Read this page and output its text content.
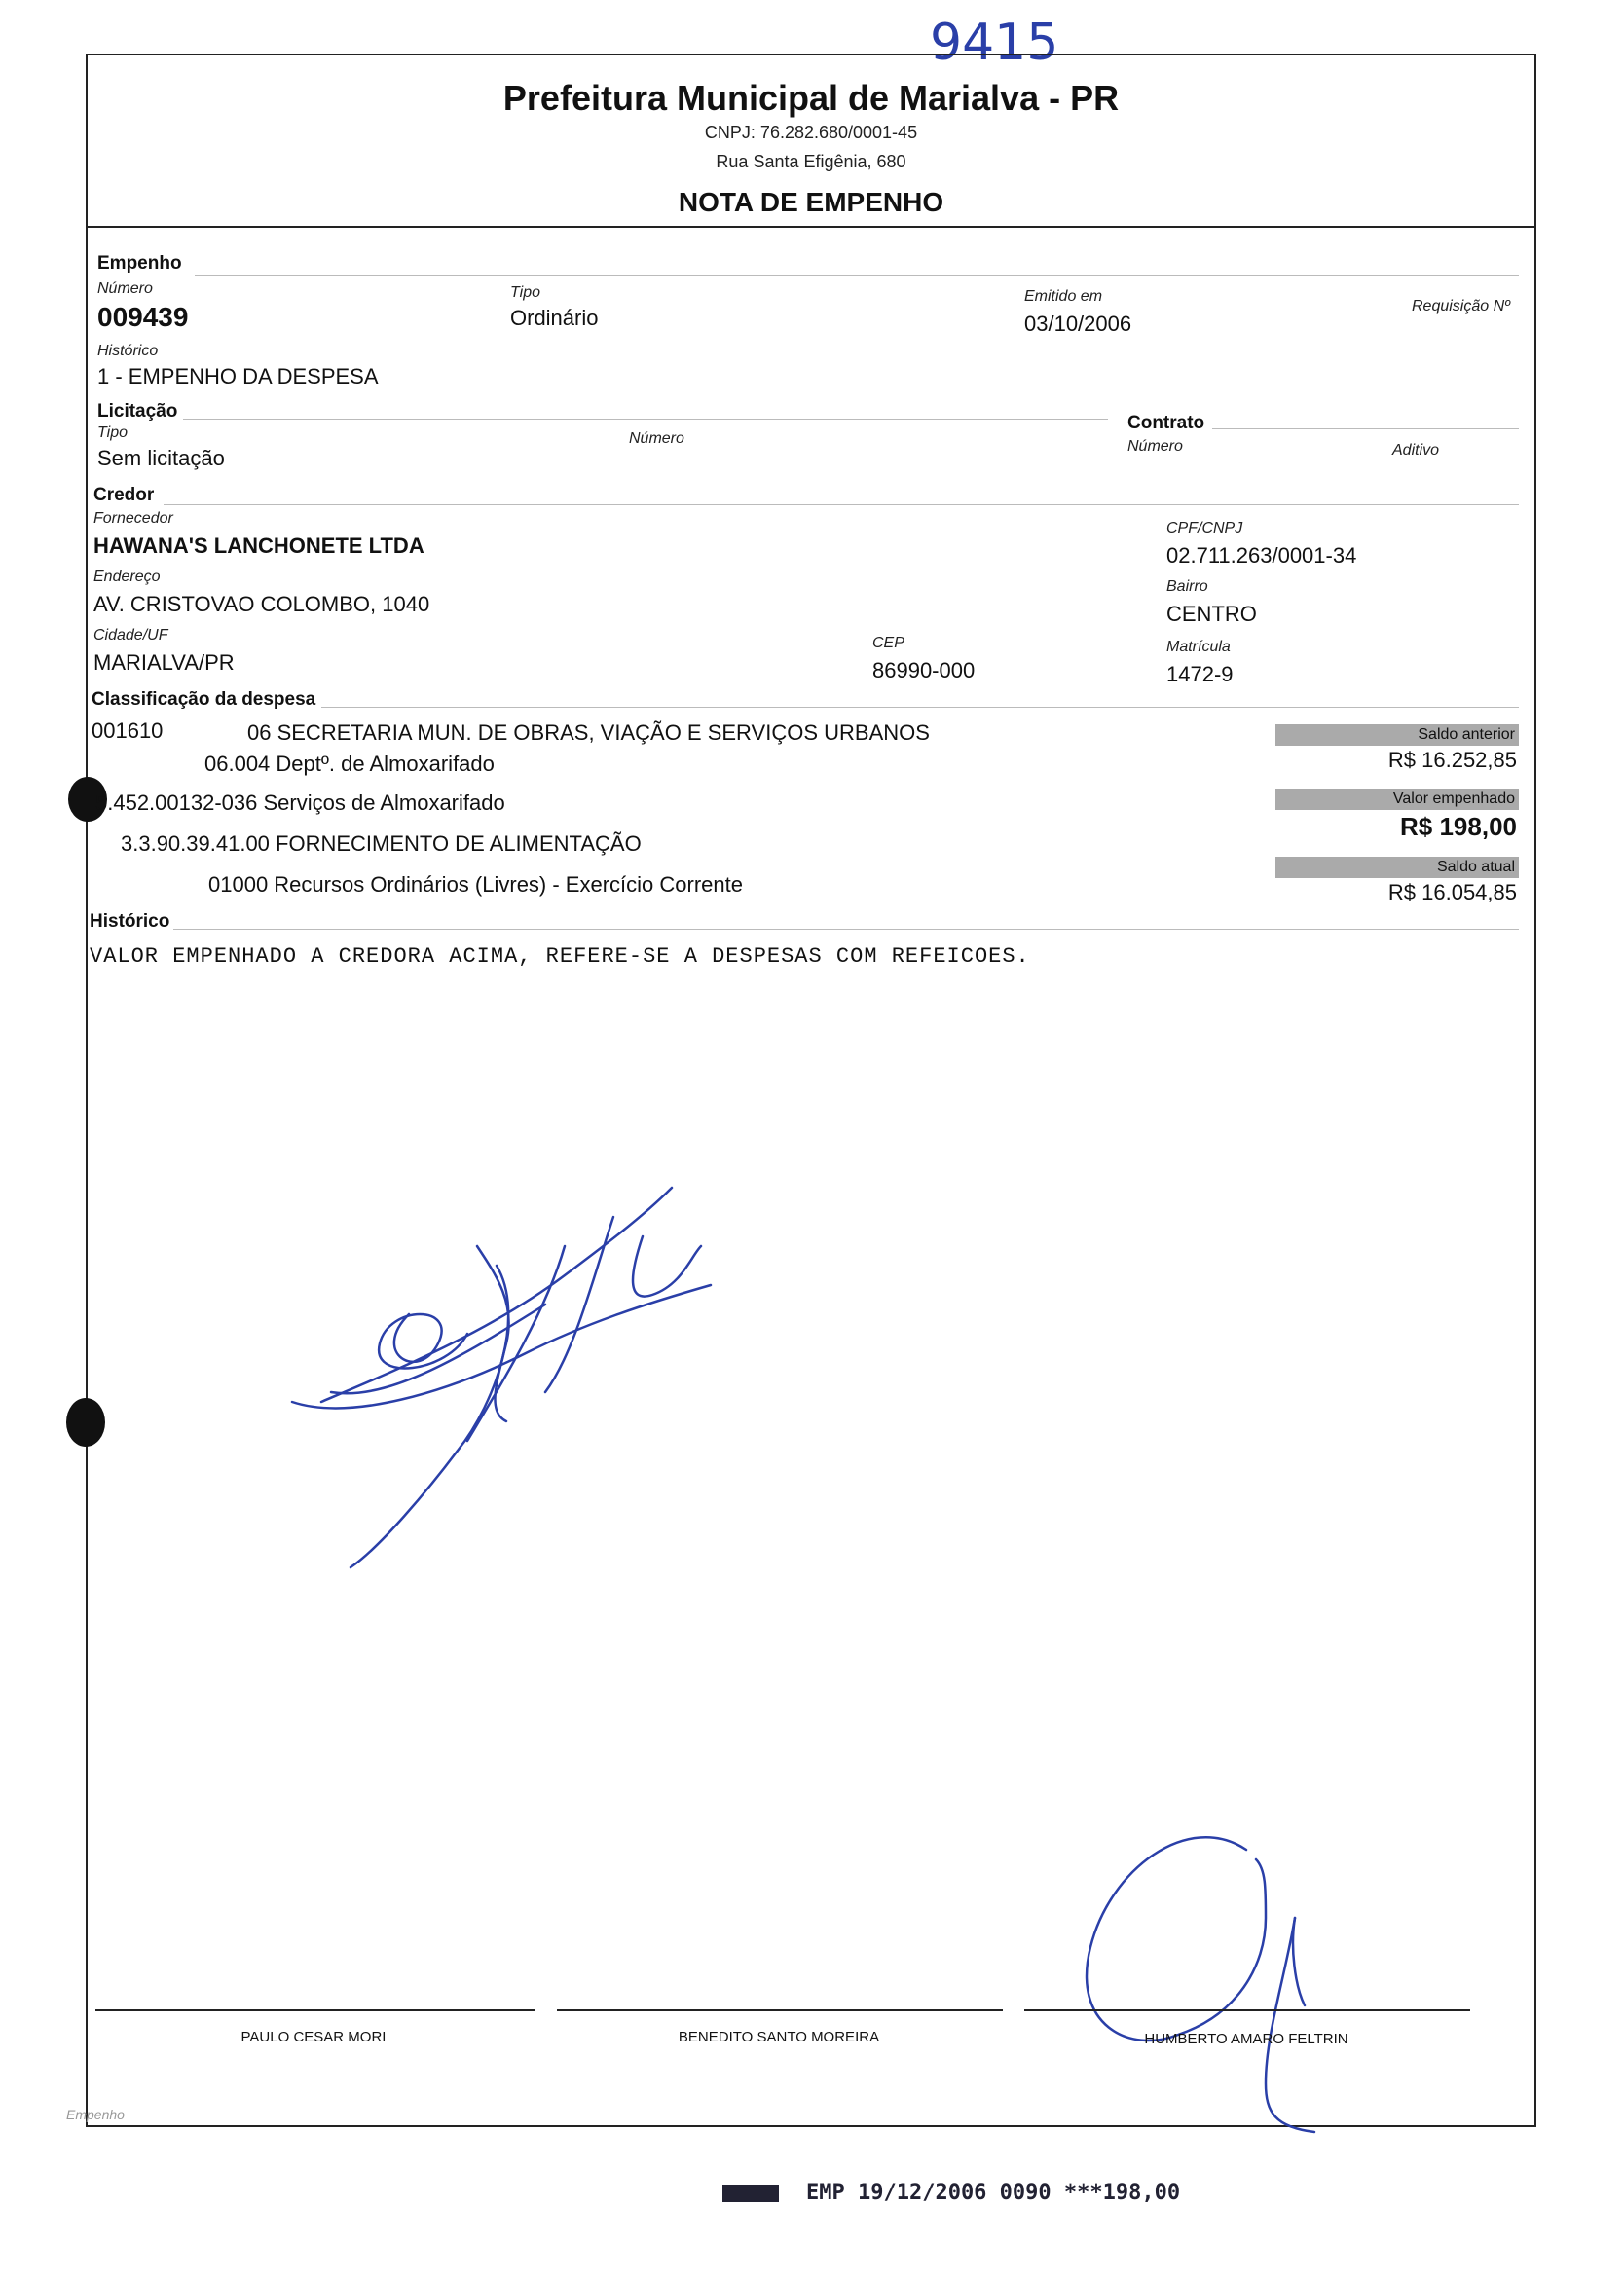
9415
Prefeitura Municipal de Marialva - PR
CNPJ: 76.282.680/0001-45
Rua Santa Efigênia, 680
NOTA DE EMPENHO
Empenho
Número
009439
Tipo
Ordinário
Emitido em
03/10/2006
Requisição Nº
Histórico
1 - EMPENHO DA DESPESA
Licitação
Tipo
Sem licitação
Número
Contrato
Número	Aditivo
Credor
Fornecedor
HAWANA'S LANCHONETE LTDA
CPF/CNPJ
02.711.263/0001-34
Endereço
AV. CRISTOVAO COLOMBO, 1040
Bairro
CENTRO
Cidade/UF
MARIALVA/PR
CEP
86990-000
Matrícula
1472-9
Classificação da despesa
001610	06 SECRETARIA MUN. DE OBRAS, VIAÇÃO E SERVIÇOS URBANOS
06.004 Deptº. de Almoxarifado
5.452.00132-036 Serviços de Almoxarifado
3.3.90.39.41.00 FORNECIMENTO DE ALIMENTAÇÃO
01000 Recursos Ordinários (Livres) - Exercício Corrente
Saldo anterior
R$ 16.252,85
Valor empenhado
R$ 198,00
Saldo atual
R$ 16.054,85
Histórico
VALOR EMPENHADO A CREDORA ACIMA, REFERE-SE A DESPESAS COM REFEICOES.
PAULO CESAR MORI	BENEDITO SANTO MOREIRA	HUMBERTO AMARO FELTRIN
Empenho
EMP 19/12/2006 0090 ***198,00
